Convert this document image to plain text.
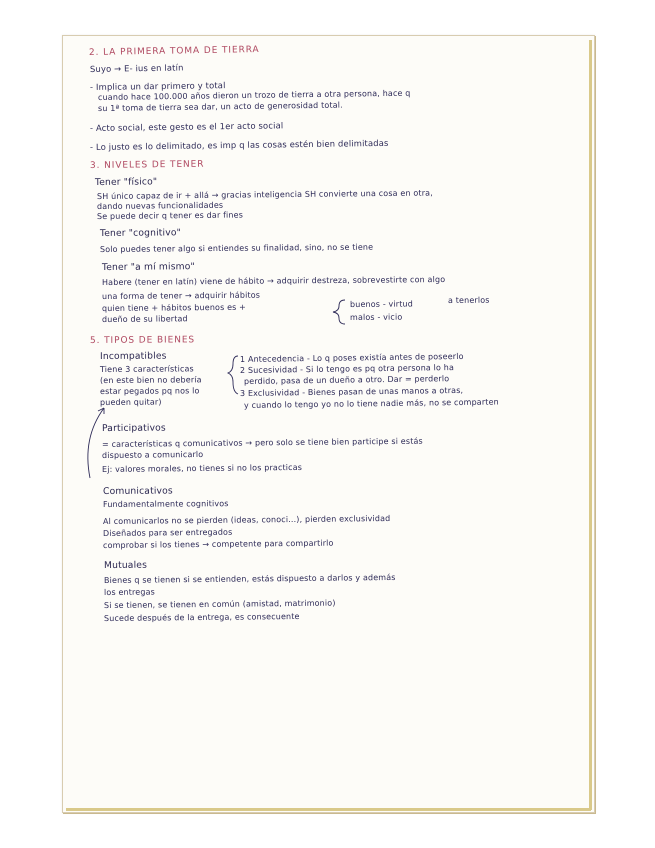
2. LA PRIMERA TOMA DE TIERRA
Suyo → E- ius en latín
- Implica un dar primero y total
cuando hace 100.000 años dieron un trozo de tierra a otra persona, hace q
su 1ª toma de tierra sea dar, un acto de generosidad total.
- Acto social, este gesto es el 1er acto social
- Lo justo es lo delimitado, es imp q las cosas estén bien delimitadas
3. NIVELES DE TENER
Tener "físico"
SH único capaz de ir + allá → gracias inteligencia SH convierte una cosa en otra,
dando nuevas funcionalidades
Se puede decir q tener es dar fines
Tener "cognitivo"
Solo puedes tener algo si entiendes su finalidad, sino, no se tiene
Tener "a mí mismo"
Habere (tener en latín) viene de hábito → adquirir destreza, sobrevestirte con algo
una forma de tener → adquirir hábitos	a tenerlos
quien tiene + hábitos buenos es +
dueño de su libertad
buenos - virtud
malos - vicio
5. TIPOS DE BIENES
Incompatibles
Tiene 3 características
(en este bien no debería
estar pegados pq nos lo
pueden quitar)
1 Antecedencia - Lo q poses existía antes de poseerlo
2 Sucesividad - Si lo tengo es pq otra persona lo ha
perdido, pasa de un dueño a otro. Dar = perderlo
3 Exclusividad - Bienes pasan de unas manos a otras,
y cuando lo tengo yo no lo tiene nadie más, no se comparten
Participativos
= características q comunicativos → pero solo se tiene bien participe si estás
dispuesto a comunicarlo
Ej: valores morales, no tienes si no los practicas
Comunicativos
Fundamentalmente cognitivos
Al comunicarlos no se pierden (ideas, conoci...), pierden exclusividad
Diseñados para ser entregados
comprobar si los tienes → competente para compartirlo
Mutuales
Bienes q se tienen si se entienden, estás dispuesto a darlos y además
los entregas
Si se tienen, se tienen en común (amistad, matrimonio)
Sucede después de la entrega, es consecuente
